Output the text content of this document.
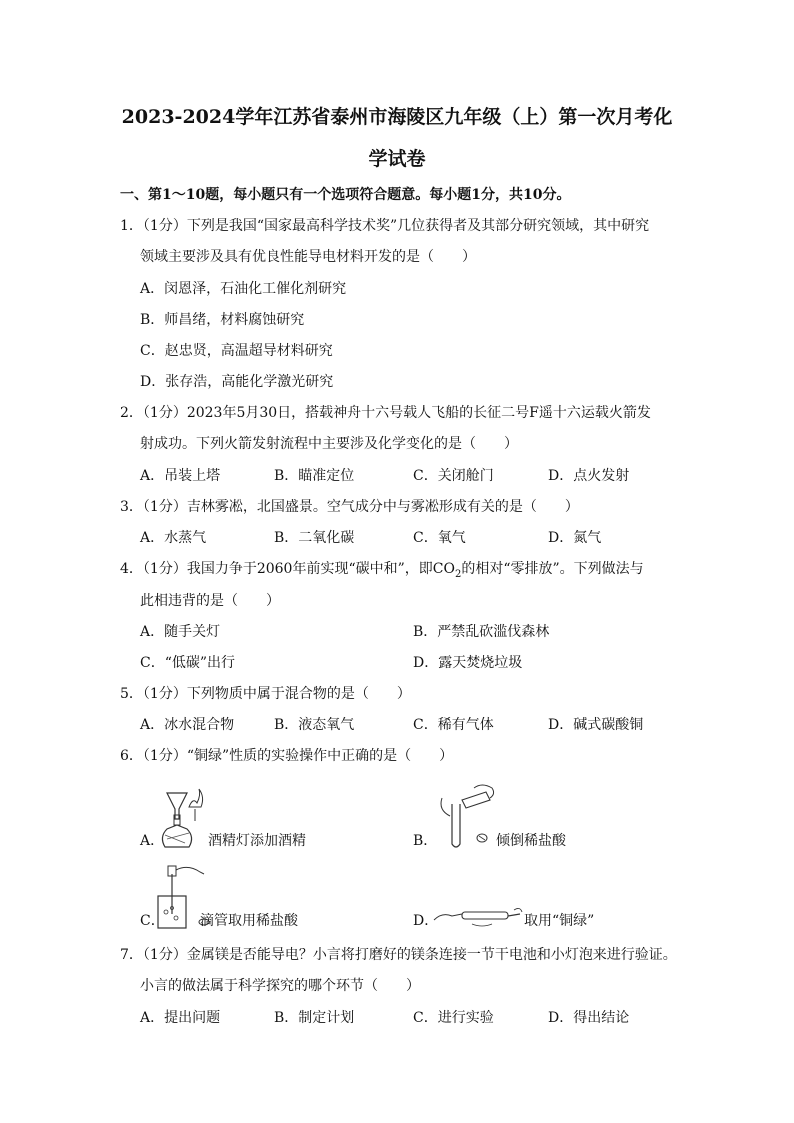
2023-2024学年江苏省泰州市海陵区九年级（上）第一次月考化
学试卷
一、第1～10题，每小题只有一个选项符合题意。每小题1分，共10分。
1．（1分）下列是我国“国家最高科学技术奖”几位获得者及其部分研究领域，其中研究
领域主要涉及具有优良性能导电材料开发的是（　　）
A．闵恩泽，石油化工催化剂研究
B．师昌绪，材料腐蚀研究
C．赵忠贤，高温超导材料研究
D．张存浩，高能化学激光研究
2．（1分）2023年5月30日，搭载神舟十六号载人飞船的长征二号F遥十六运载火箭发
射成功。下列火箭发射流程中主要涉及化学变化的是（　　）
A．吊装上塔	B．瞄准定位	C．关闭舱门	D．点火发射
3．（1分）吉林雾凇，北国盛景。空气成分中与雾凇形成有关的是（　　）
A．水蒸气	B．二氧化碳	C．氧气	D．氮气
4．（1分）我国力争于2060年前实现“碳中和”，即$CO_2$的相对“零排放”。下列做法与
此相违背的是（　　）
A．随手关灯	B．严禁乱砍滥伐森林
C．“低碳”出行	D．露天焚烧垃圾
5．（1分）下列物质中属于混合物的是（　　）
A．冰水混合物	B．液态氧气	C．稀有气体	D．碱式碳酸铜
6．（1分）“铜绿”性质的实验操作中正确的是（　　）
A．	酒精灯添加酒精	B．	倾倒稀盐酸
C．	滴管取用稀盐酸	D．	取用“铜绿”
7．（1分）金属镁是否能导电？小言将打磨好的镁条连接一节干电池和小灯泡来进行验证。
小言的做法属于科学探究的哪个环节（　　）
A．提出问题	B．制定计划	C．进行实验	D．得出结论
